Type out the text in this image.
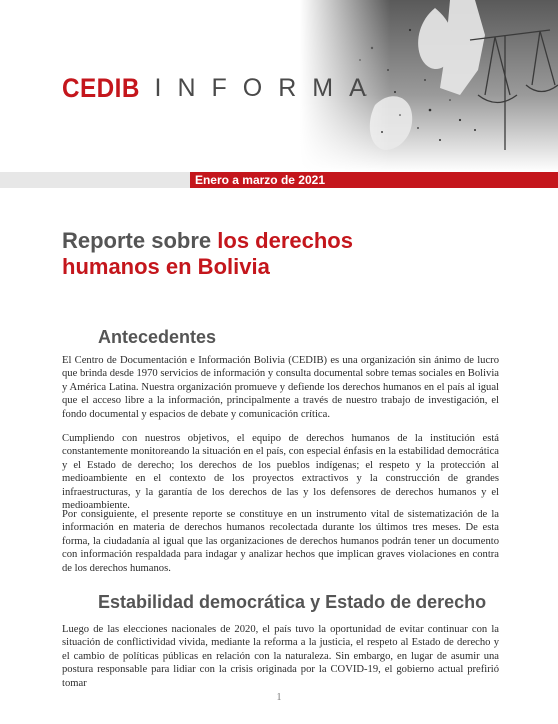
CEDIB INFORMA
Enero a marzo de 2021
Reporte sobre los derechos
humanos en Bolivia
Antecedentes

El Centro de Documentación e Información Bolivia (CEDIB) es una organización sin ánimo de lucro que brinda desde 1970 servicios de información y consulta documental sobre temas sociales en Bolivia y América Latina. Nuestra organización promueve y defiende los derechos humanos en el país al igual que el acceso libre a la información, principalmente a través de nuestro trabajo de investigación, el fondo documental y espacios de debate y comunicación crítica.

Cumpliendo con nuestros objetivos, el equipo de derechos humanos de la institución está constantemente monitoreando la situación en el país, con especial énfasis en la estabilidad democrática y el Estado de derecho; los derechos de los pueblos indígenas; el respeto y la protección al medioambiente en el contexto de los proyectos extractivos y la construcción de grandes infraestructuras, y la garantía de los derechos de las y los defensores de derechos humanos y el medioambiente.

Por consiguiente, el presente reporte se constituye en un instrumento vital de sistematización de la información en materia de derechos humanos recolectada durante los últimos tres meses. De esta forma, la ciudadanía al igual que las organizaciones de derechos humanos podrán tener un documento con información respaldada para indagar y analizar hechos que implican graves violaciones en contra de los derechos humanos.

Estabilidad democrática y Estado de derecho

Luego de las elecciones nacionales de 2020, el país tuvo la oportunidad de evitar continuar con la situación de conflictividad vivida, mediante la reforma a la justicia, el respeto al Estado de derecho y el cambio de políticas públicas en relación con la naturaleza. Sin embargo, en lugar de asumir una postura responsable para lidiar con la crisis originada por la COVID-19, el gobierno actual prefirió tomar

1
